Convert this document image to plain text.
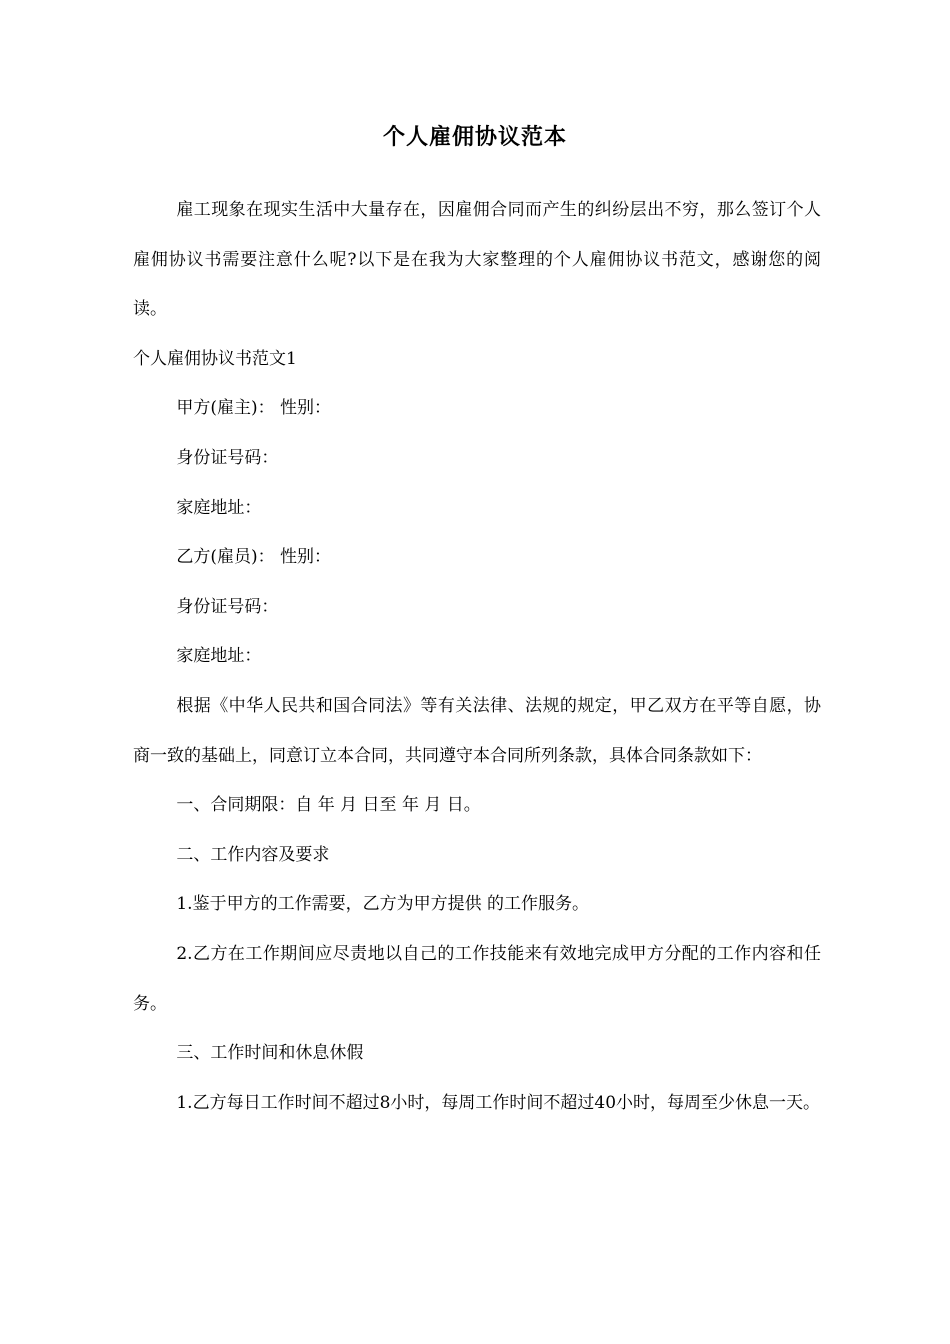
个人雇佣协议范本

雇工现象在现实生活中大量存在，因雇佣合同而产生的纠纷层出不穷，那么签订个人雇佣协议书需要注意什么呢?以下是在我为大家整理的个人雇佣协议书范文，感谢您的阅读。

个人雇佣协议书范文1

甲方(雇主)： 性别：

身份证号码：

家庭地址：

乙方(雇员)： 性别：

身份证号码：

家庭地址：

根据《中华人民共和国合同法》等有关法律、法规的规定，甲乙双方在平等自愿，协商一致的基础上，同意订立本合同，共同遵守本合同所列条款，具体合同条款如下：

一、合同期限：自 年 月 日至 年 月 日。

二、工作内容及要求

1.鉴于甲方的工作需要，乙方为甲方提供 的工作服务。

2.乙方在工作期间应尽责地以自己的工作技能来有效地完成甲方分配的工作内容和任务。

三、工作时间和休息休假

1.乙方每日工作时间不超过8小时，每周工作时间不超过40小时，每周至少休息一天。
